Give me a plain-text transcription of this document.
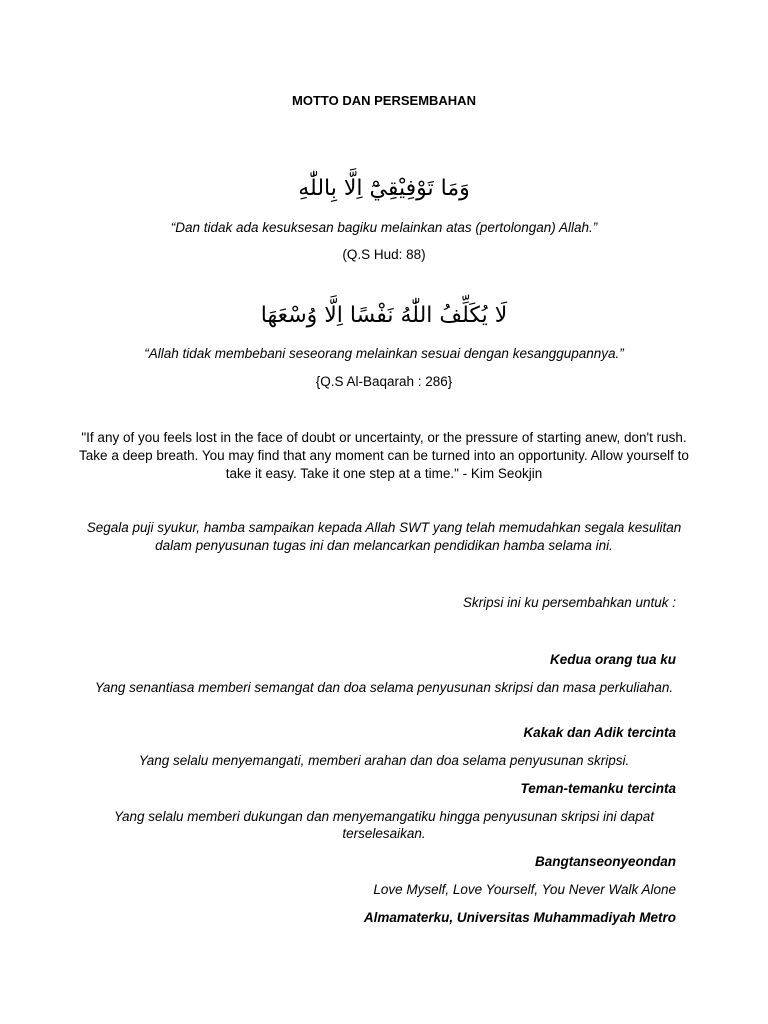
MOTTO DAN PERSEMBAHAN
وَمَا تَوْفِيْقِيْٓ اِلَّا بِاللّٰهِ
“Dan tidak ada kesuksesan bagiku melainkan atas (pertolongan) Allah.”
(Q.S Hud: 88)
لَا يُكَلِّفُ اللّٰهُ نَفْسًا اِلَّا وُسْعَهَا
“Allah tidak membebani seseorang melainkan sesuai dengan kesanggupannya.”
{Q.S Al-Baqarah : 286}
"If any of you feels lost in the face of doubt or uncertainty, or the pressure of starting anew, don't rush. Take a deep breath. You may find that any moment can be turned into an opportunity. Allow yourself to take it easy. Take it one step at a time." - Kim Seokjin
Segala puji syukur, hamba sampaikan kepada Allah SWT yang telah memudahkan segala kesulitan dalam penyusunan tugas ini dan melancarkan pendidikan hamba selama ini.
Skripsi ini ku persembahkan untuk :
Kedua orang tua ku
Yang senantiasa memberi semangat dan doa selama penyusunan skripsi dan masa perkuliahan.
Kakak dan Adik tercinta
Yang selalu menyemangati, memberi arahan dan doa selama penyusunan skripsi.
Teman-temanku tercinta
Yang selalu memberi dukungan dan menyemangatiku hingga penyusunan skripsi ini dapat terselesaikan.
Bangtanseonyeondan
Love Myself, Love Yourself, You Never Walk Alone
Almamaterku, Universitas Muhammadiyah Metro
